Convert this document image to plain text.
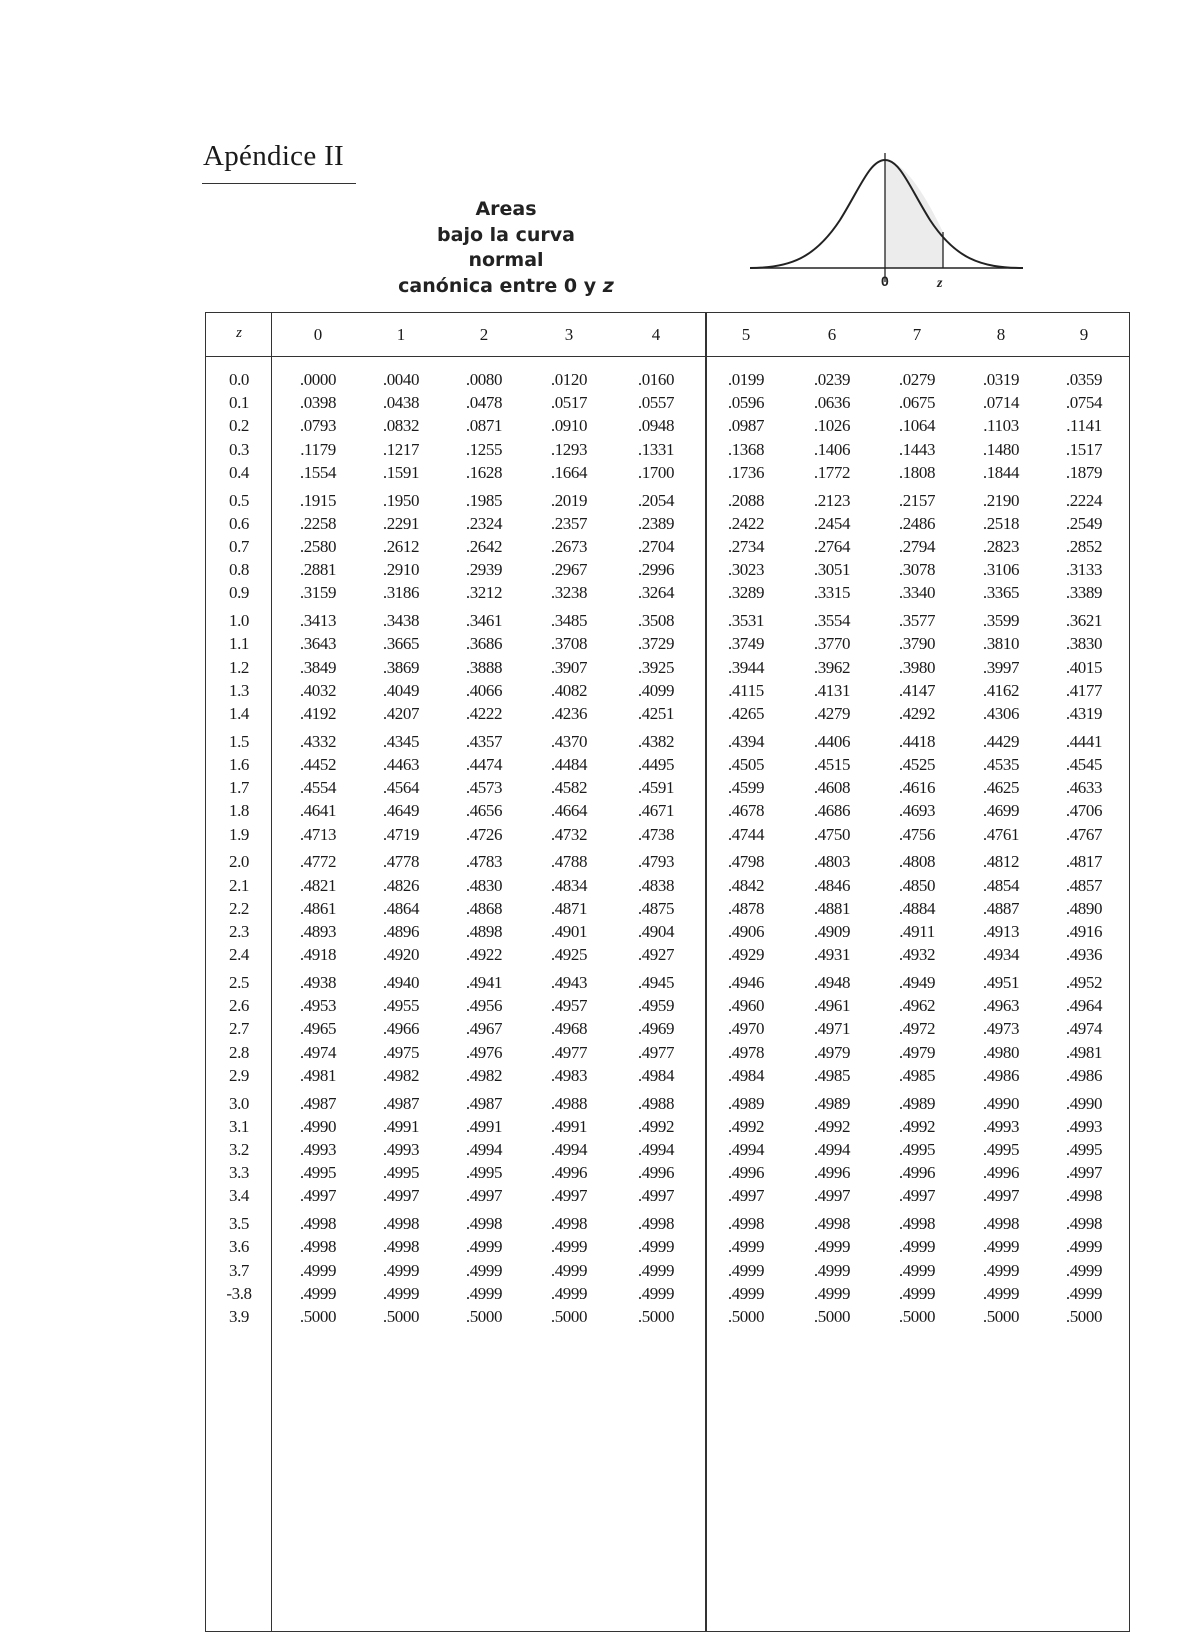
Apéndice II
Areas
bajo la curva
normal
canónica entre 0 y z	0	z
z	0	1	2	3	4	5	6	7	8	9
0.0	.0000	.0040	.0080	.0120	.0160	.0199	.0239	.0279	.0319	.0359
0.1	.0398	.0438	.0478	.0517	.0557	.0596	.0636	.0675	.0714	.0754
0.2	.0793	.0832	.0871	.0910	.0948	.0987	.1026	.1064	.1103	.1141
0.3	.1179	.1217	.1255	.1293	.1331	.1368	.1406	.1443	.1480	.1517
0.4	.1554	.1591	.1628	.1664	.1700	.1736	.1772	.1808	.1844	.1879
0.5	.1915	.1950	.1985	.2019	.2054	.2088	.2123	.2157	.2190	.2224
0.6	.2258	.2291	.2324	.2357	.2389	.2422	.2454	.2486	.2518	.2549
0.7	.2580	.2612	.2642	.2673	.2704	.2734	.2764	.2794	.2823	.2852
0.8	.2881	.2910	.2939	.2967	.2996	.3023	.3051	.3078	.3106	.3133
0.9	.3159	.3186	.3212	.3238	.3264	.3289	.3315	.3340	.3365	.3389
1.0	.3413	.3438	.3461	.3485	.3508	.3531	.3554	.3577	.3599	.3621
1.1	.3643	.3665	.3686	.3708	.3729	.3749	.3770	.3790	.3810	.3830
1.2	.3849	.3869	.3888	.3907	.3925	.3944	.3962	.3980	.3997	.4015
1.3	.4032	.4049	.4066	.4082	.4099	.4115	.4131	.4147	.4162	.4177
1.4	.4192	.4207	.4222	.4236	.4251	.4265	.4279	.4292	.4306	.4319
1.5	.4332	.4345	.4357	.4370	.4382	.4394	.4406	.4418	.4429	.4441
1.6	.4452	.4463	.4474	.4484	.4495	.4505	.4515	.4525	.4535	.4545
1.7	.4554	.4564	.4573	.4582	.4591	.4599	.4608	.4616	.4625	.4633
1.8	.4641	.4649	.4656	.4664	.4671	.4678	.4686	.4693	.4699	.4706
1.9	.4713	.4719	.4726	.4732	.4738	.4744	.4750	.4756	.4761	.4767
2.0	.4772	.4778	.4783	.4788	.4793	.4798	.4803	.4808	.4812	.4817
2.1	.4821	.4826	.4830	.4834	.4838	.4842	.4846	.4850	.4854	.4857
2.2	.4861	.4864	.4868	.4871	.4875	.4878	.4881	.4884	.4887	.4890
2.3	.4893	.4896	.4898	.4901	.4904	.4906	.4909	.4911	.4913	.4916
2.4	.4918	.4920	.4922	.4925	.4927	.4929	.4931	.4932	.4934	.4936
2.5	.4938	.4940	.4941	.4943	.4945	.4946	.4948	.4949	.4951	.4952
2.6	.4953	.4955	.4956	.4957	.4959	.4960	.4961	.4962	.4963	.4964
2.7	.4965	.4966	.4967	.4968	.4969	.4970	.4971	.4972	.4973	.4974
2.8	.4974	.4975	.4976	.4977	.4977	.4978	.4979	.4979	.4980	.4981
2.9	.4981	.4982	.4982	.4983	.4984	.4984	.4985	.4985	.4986	.4986
3.0	.4987	.4987	.4987	.4988	.4988	.4989	.4989	.4989	.4990	.4990
3.1	.4990	.4991	.4991	.4991	.4992	.4992	.4992	.4992	.4993	.4993
3.2	.4993	.4993	.4994	.4994	.4994	.4994	.4994	.4995	.4995	.4995
3.3	.4995	.4995	.4995	.4996	.4996	.4996	.4996	.4996	.4996	.4997
3.4	.4997	.4997	.4997	.4997	.4997	.4997	.4997	.4997	.4997	.4998
3.5	.4998	.4998	.4998	.4998	.4998	.4998	.4998	.4998	.4998	.4998
3.6	.4998	.4998	.4999	.4999	.4999	.4999	.4999	.4999	.4999	.4999
3.7	.4999	.4999	.4999	.4999	.4999	.4999	.4999	.4999	.4999	.4999
-3.8	.4999	.4999	.4999	.4999	.4999	.4999	.4999	.4999	.4999	.4999
3.9	.5000	.5000	.5000	.5000	.5000	.5000	.5000	.5000	.5000	.5000
